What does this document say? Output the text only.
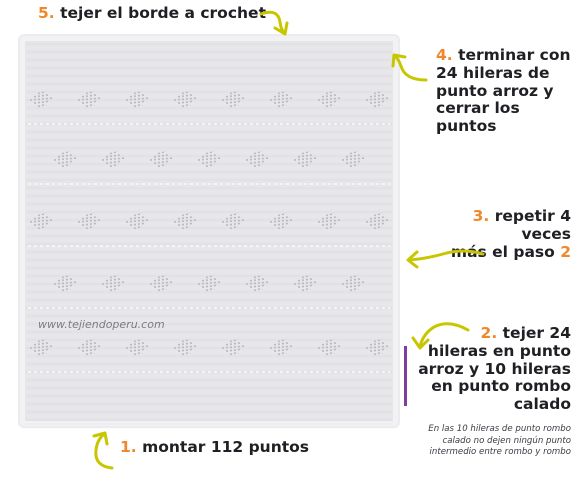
www.tejiendoperu.com
5. tejer el borde a crochet
4. terminar con
24 hileras de
punto arroz y
cerrar los puntos
3. repetir 4 veces
más el paso 2
2. tejer 24
hileras en punto
arroz y 10 hileras
en punto rombo
calado
En las 10 hileras de punto rombo
calado no dejen ningún punto
intermedio entre rombo y rombo
1. montar 112 puntos
